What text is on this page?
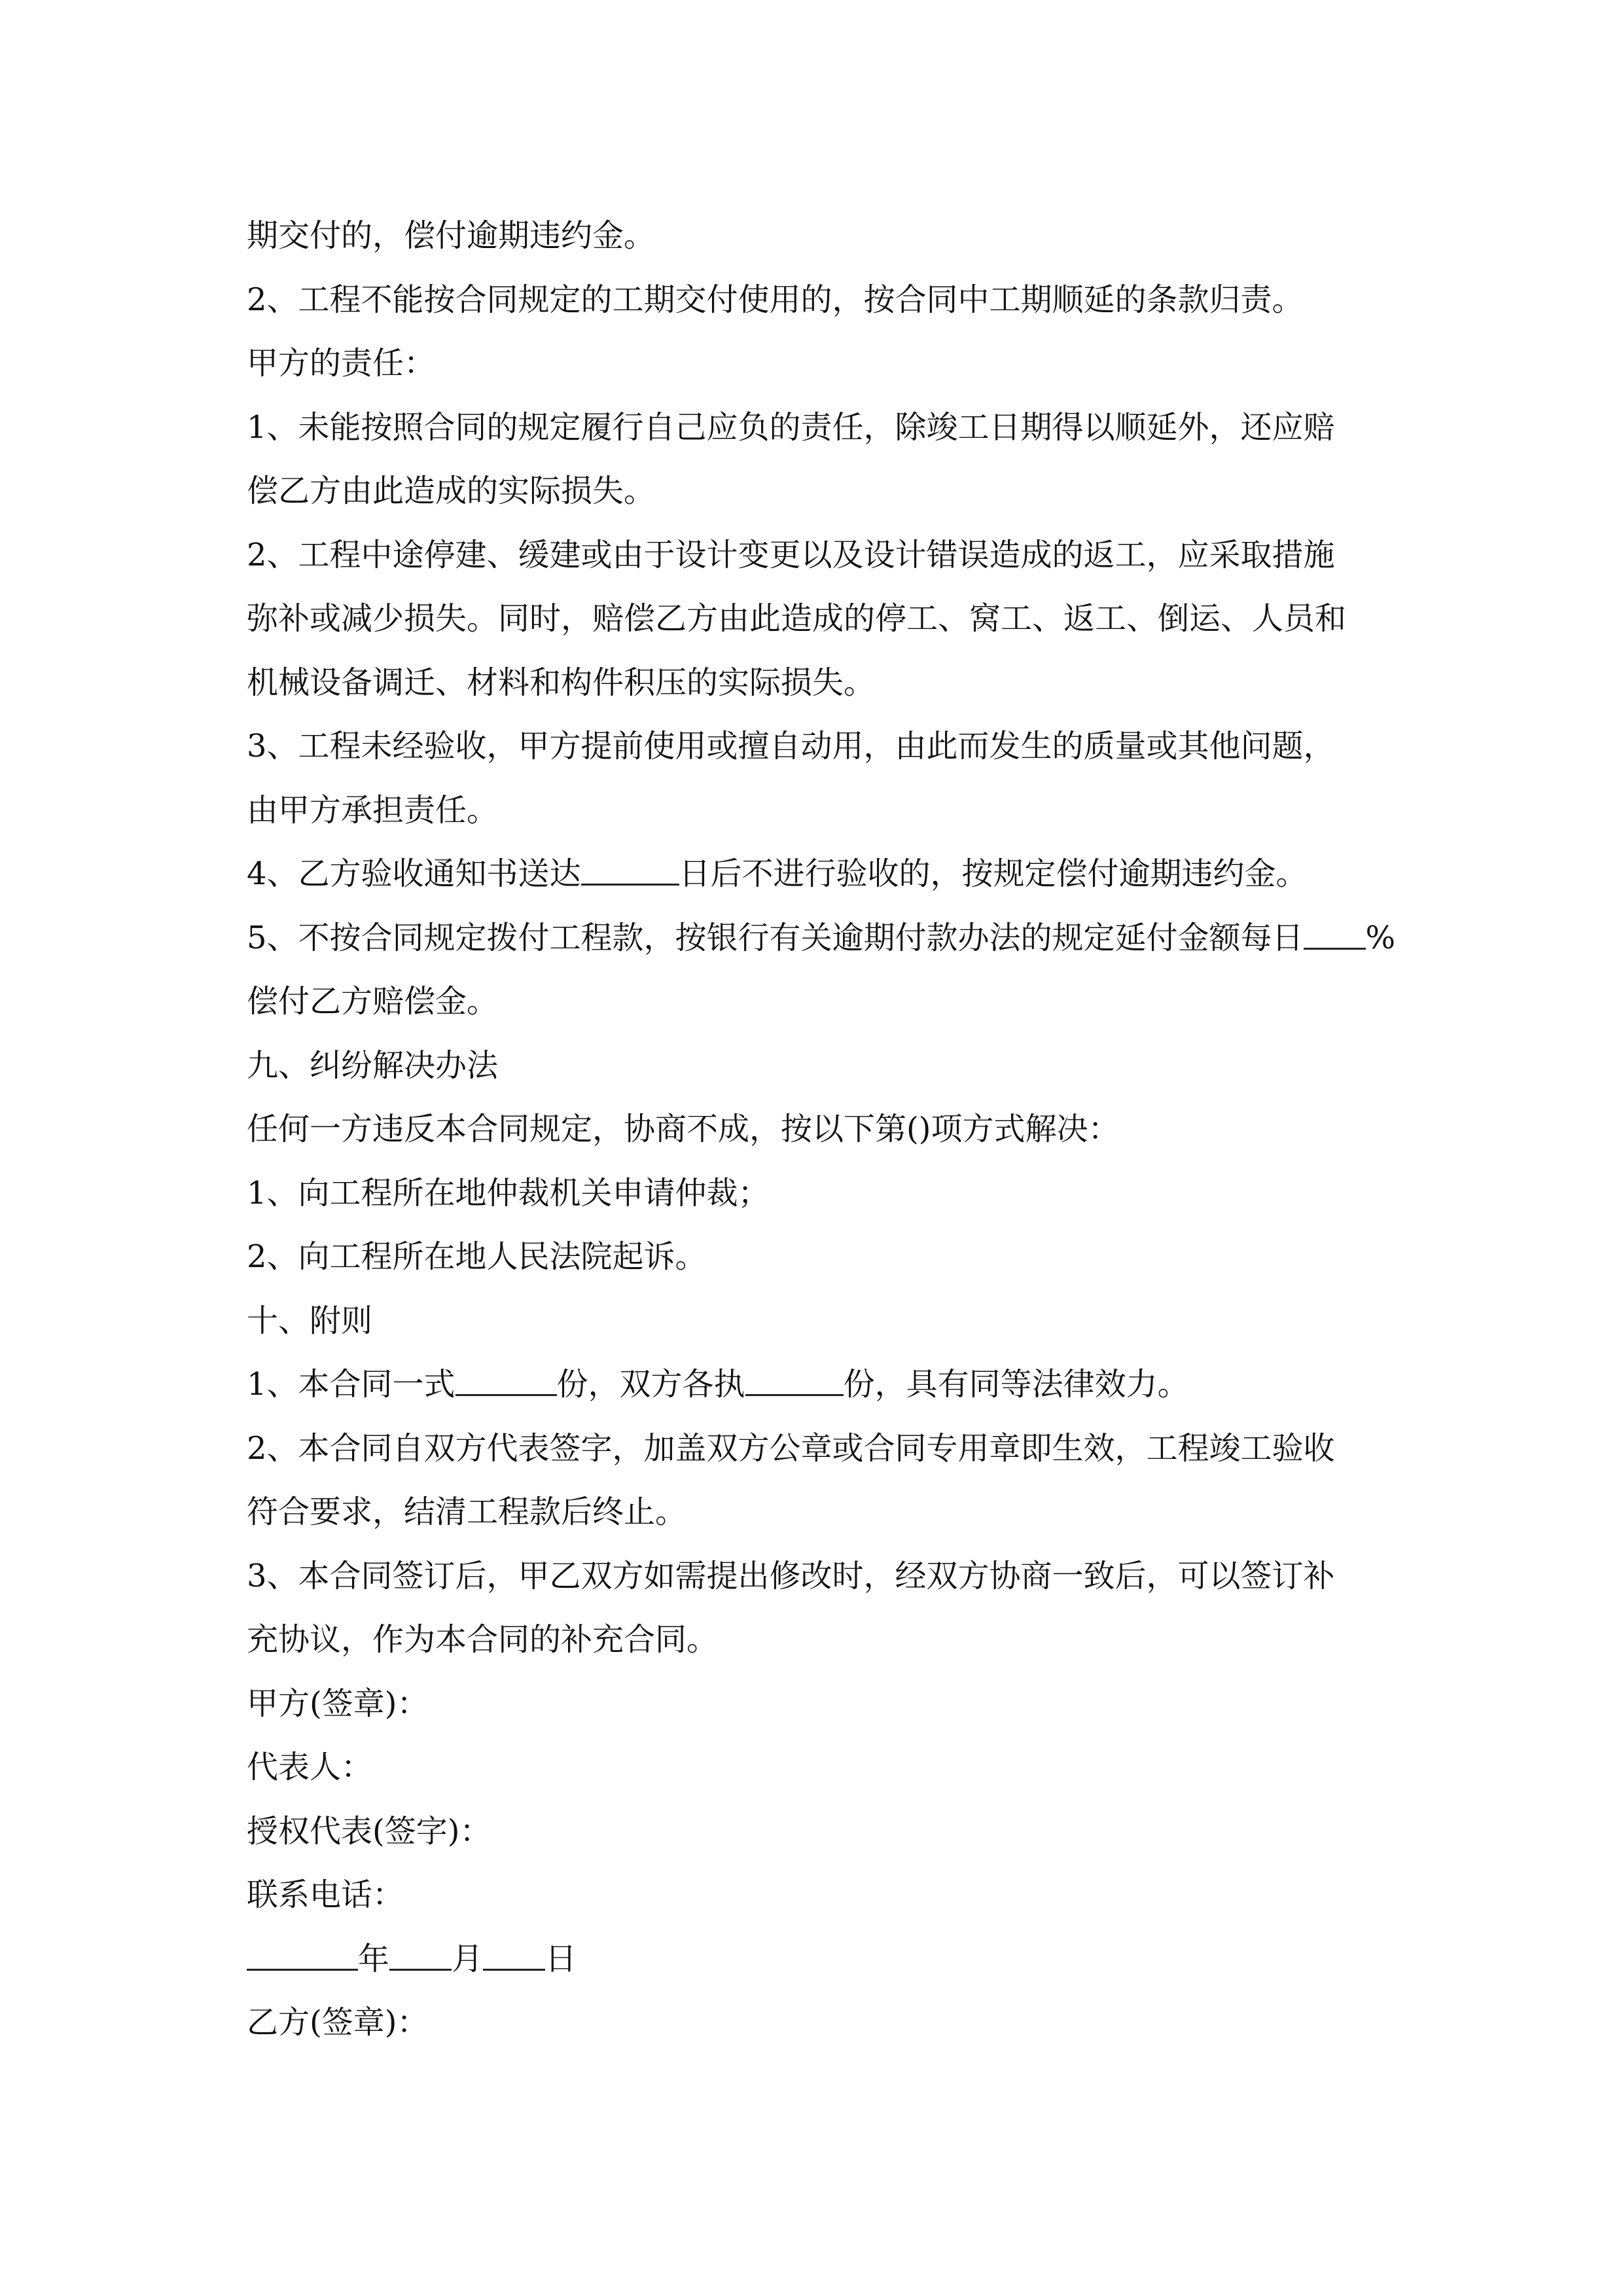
期交付的，偿付逾期违约金。
2、工程不能按合同规定的工期交付使用的，按合同中工期顺延的条款归责。
甲方的责任：
1、未能按照合同的规定履行自己应负的责任，除竣工日期得以顺延外，还应赔
偿乙方由此造成的实际损失。
2、工程中途停建、缓建或由于设计变更以及设计错误造成的返工，应采取措施
弥补或减少损失。同时，赔偿乙方由此造成的停工、窝工、返工、倒运、人员和
机械设备调迁、材料和构件积压的实际损失。
3、工程未经验收，甲方提前使用或擅自动用，由此而发生的质量或其他问题，
由甲方承担责任。
4、乙方验收通知书送达	日后不进行验收的，按规定偿付逾期违约金。
5、不按合同规定拨付工程款，按银行有关逾期付款办法的规定延付金额每日 %
偿付乙方赔偿金。
九、纠纷解决办法
任何一方违反本合同规定，协商不成，按以下第()项方式解决：
1、向工程所在地仲裁机关申请仲裁；
2、向工程所在地人民法院起诉。
十、附则
1、本合同一式	份，双方各执	份，具有同等法律效力。
2、本合同自双方代表签字，加盖双方公章或合同专用章即生效，工程竣工验收
符合要求，结清工程款后终止。
3、本合同签订后，甲乙双方如需提出修改时，经双方协商一致后，可以签订补
充协议，作为本合同的补充合同。
甲方(签章)：
代表人：
授权代表(签字)：
联系电话：
年 月 日
乙方(签章)：
